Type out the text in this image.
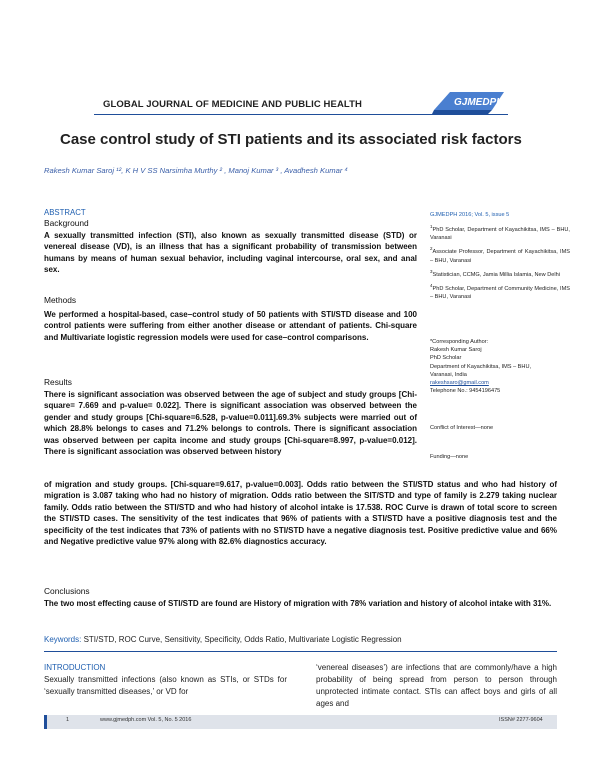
GLOBAL JOURNAL OF MEDICINE AND PUBLIC HEALTH	GJMEDPH
Case control study of STI patients and its associated risk factors
Rakesh Kumar Saroj ¹², K H V SS Narsimha Murthy ² , Manoj Kumar ³ , Avadhesh Kumar ⁴
ABSTRACT
Background
A sexually transmitted infection (STI), also known as sexually transmitted disease (STD) or venereal disease (VD), is an illness that has a significant probability of transmission between humans by means of human sexual behavior, including vaginal intercourse, oral sex, and anal sex.
Methods
We performed a hospital-based, case–control study of 50 patients with STI/STD disease and 100 control patients were suffering from either another disease or attendant of patients. Chi-square and Multivariate logistic regression models were used for case–control comparisons.
Results
There is significant association was observed between the age of subject and study groups [Chi-square= 7.669 and p-value= 0.022]. There is significant association was observed between the gender and study groups [Chi-square=6.528, p-value=0.011].69.3% subjects were married out of which 28.8% belongs to cases and 71.2% belongs to controls. There is significant association was observed between per capita income and study groups [Chi-square=8.997, p-value=0.012]. There is significant association was observed between history
of migration and study groups. [Chi-square=9.617, p-value=0.003]. Odds ratio between the STI/STD status and who had history of migration is 3.087 taking who had no history of migration. Odds ratio between the SIT/STD and type of family is 2.279 taking nuclear family. Odds ratio between the STI/STD and who had history of alcohol intake is 17.538. ROC Curve is drawn of total score to screen the STI/STD cases. The sensitivity of the test indicates that 96% of patients with a STI/STD have a positive diagnosis test and the specificity of the test indicates that 73% of patients with no STI/STD have a negative diagnosis test. Positive predictive value and 66% and Negative predictive value 97% along with 82.6% diagnostics accuracy.
Conclusions
The two most effecting cause of STI/STD are found are History of migration with 78% variation and history of alcohol intake with 31%.
Keywords: STI/STD, ROC Curve, Sensitivity, Specificity, Odds Ratio, Multivariate Logistic Regression
GJMEDPH 2016; Vol. 5, issue 5
$^1$PhD Scholar, Department of Kayachikitsa, IMS – BHU, Varanasi
$^2$Associate Professor, Department of Kayachikitsa, IMS – BHU, Varanasi
$^3$Statistician, CCMG, Jamia Millia Islamia, New Delhi
$^4$PhD Scholar, Department of Community Medicine, IMS – BHU, Varanasi
*Corresponding Author:
Rakesh Kumar Saroj
PhD Scholar
Department of Kayachikitsa, IMS – BHU,
Varanasi, India
rakeshsaro@gmail.com
Telephone No.: 9454196475
Conflict of Interest—none
Funding—none
INTRODUCTION
Sexually transmitted infections (also known as STIs, or STDs for ‘sexually transmitted diseases,’ or VD for
‘venereal diseases’) are infections that are commonly/have a high probability of being spread from person to person through unprotected intimate contact. STIs can affect boys and girls of all ages and
1	www.gjmedph.com Vol. 5, No. 5 2016	ISSN# 2277-9604
